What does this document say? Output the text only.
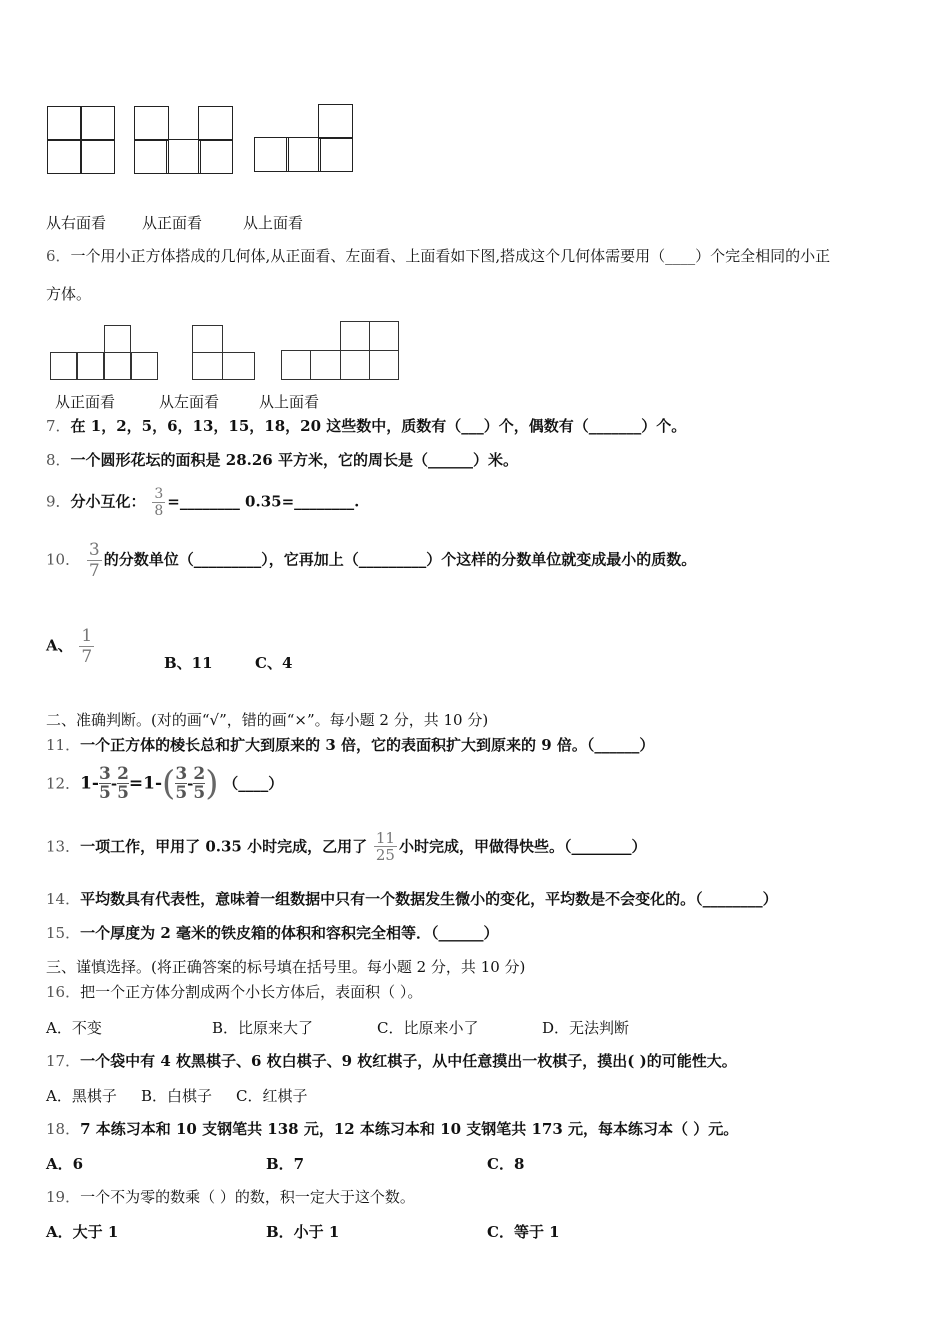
从右面看 从正面看	从上面看
6．一个用小正方体搭成的几何体,从正面看、左面看、上面看如下图,搭成这个几何体需要用（____）个完全相同的小正
方体。
从正面看	从左面看	从上面看
7．在 1，2，5，6，13，15，18，20 这些数中，质数有（___）个，偶数有（_______）个。
8．一个圆形花坛的面积是 28.26 平方米，它的周长是（______）米。
9．分小互化： $\frac{3}{8}$ =________ 0.35=________.
10． $\frac{3}{7}$ 的分数单位（_________），它再加上（_________）个这样的分数单位就变成最小的质数。
A、 $\frac{1}{7}$	B、11	C、4
二、准确判断。(对的画“√”，错的画“×”。每小题 2 分，共 10 分)
11．一个正方体的棱长总和扩大到原来的 3 倍，它的表面积扩大到原来的 9 倍。（______）
12．$1- \frac{3}{5} - \frac{2}{5} =1-( \frac{3}{5} - \frac{2}{5}$ ) （____）
13．一项工作，甲用了 0.35 小时完成，乙用了 $\frac{11}{25}$ 小时完成，甲做得快些。（________）
14．平均数具有代表性，意味着一组数据中只有一个数据发生微小的变化，平均数是不会变化的。（________）
15．一个厚度为 2 毫米的铁皮箱的体积和容积完全相等．（______）
三、谨慎选择。(将正确答案的标号填在括号里。每小题 2 分，共 10 分)
16．把一个正方体分割成两个小长方体后，表面积（ ）。
A．不变	B．比原来大了	C．比原来小了	D．无法判断
17．一个袋中有 4 枚黑棋子、6 枚白棋子、9 枚红棋子，从中任意摸出一枚棋子，摸出( )的可能性大。
A．黑棋子 B．白棋子 C．红棋子
18．7 本练习本和 10 支钢笔共 138 元，12 本练习本和 10 支钢笔共 173 元，每本练习本（ ）元。
A．6	B．7	C．8
19．一个不为零的数乘（ ）的数，积一定大于这个数。
A．大于 1	B．小于 1	C．等于 1
